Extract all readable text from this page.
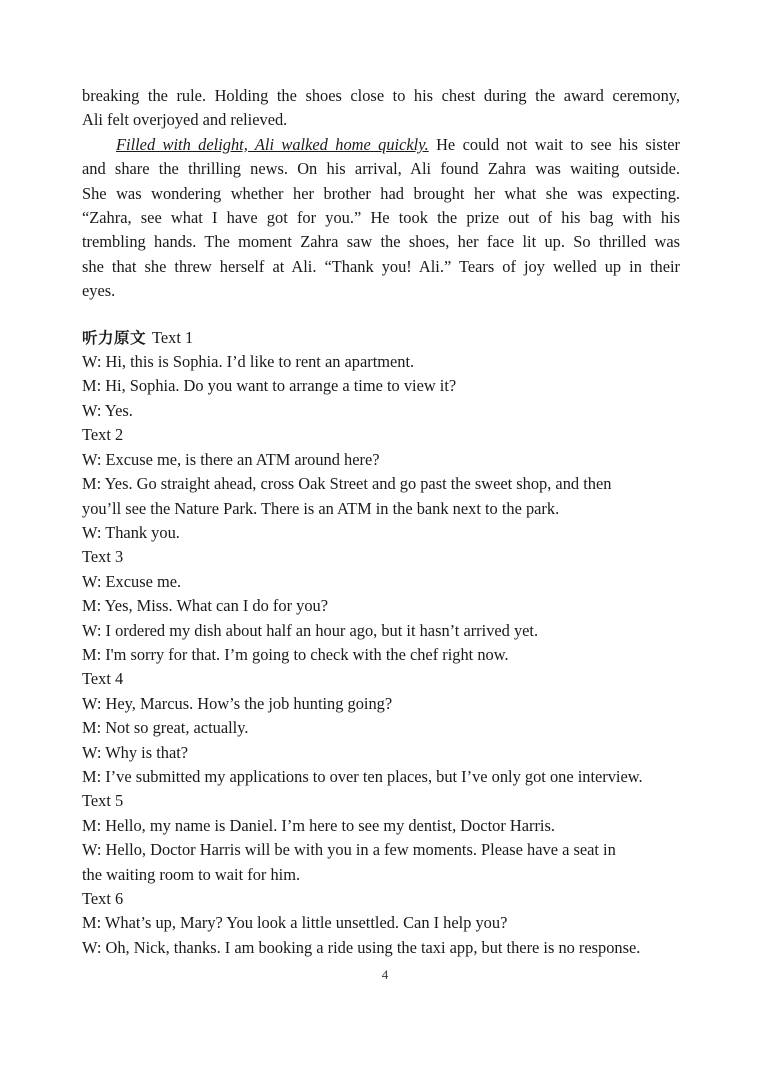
breaking the rule. Holding the shoes close to his chest during the award ceremony,
Ali felt overjoyed and relieved.
Filled with delight, Ali walked home quickly. He could not wait to see his sister
and share the thrilling news. On his arrival, Ali found Zahra was waiting outside.
She was wondering whether her brother had brought her what she was expecting.
“Zahra, see what I have got for you.” He took the prize out of his bag with his
trembling hands. The moment Zahra saw the shoes, her face lit up. So thrilled was
she that she threw herself at Ali. “Thank you! Ali.” Tears of joy welled up in their
eyes.

听力原文 Text 1

W: Hi, this is Sophia. I’d like to rent an apartment.

M: Hi, Sophia. Do you want to arrange a time to view it?

W: Yes.

Text 2

W: Excuse me, is there an ATM around here?

M: Yes. Go straight ahead, cross Oak Street and go past the sweet shop, and then

you’ll see the Nature Park. There is an ATM in the bank next to the park.

W: Thank you.

Text 3

W: Excuse me.

M: Yes, Miss. What can I do for you?

W: I ordered my dish about half an hour ago, but it hasn’t arrived yet.

M: I'm sorry for that. I’m going to check with the chef right now.

Text 4

W: Hey, Marcus. How’s the job hunting going?

M: Not so great, actually.

W: Why is that?

M: I’ve submitted my applications to over ten places, but I’ve only got one interview.

Text 5

M: Hello, my name is Daniel. I’m here to see my dentist, Doctor Harris.

W: Hello, Doctor Harris will be with you in a few moments. Please have a seat in

the waiting room to wait for him.

Text 6

M: What’s up, Mary? You look a little unsettled. Can I help you?

W: Oh, Nick, thanks. I am booking a ride using the taxi app, but there is no response.

4
